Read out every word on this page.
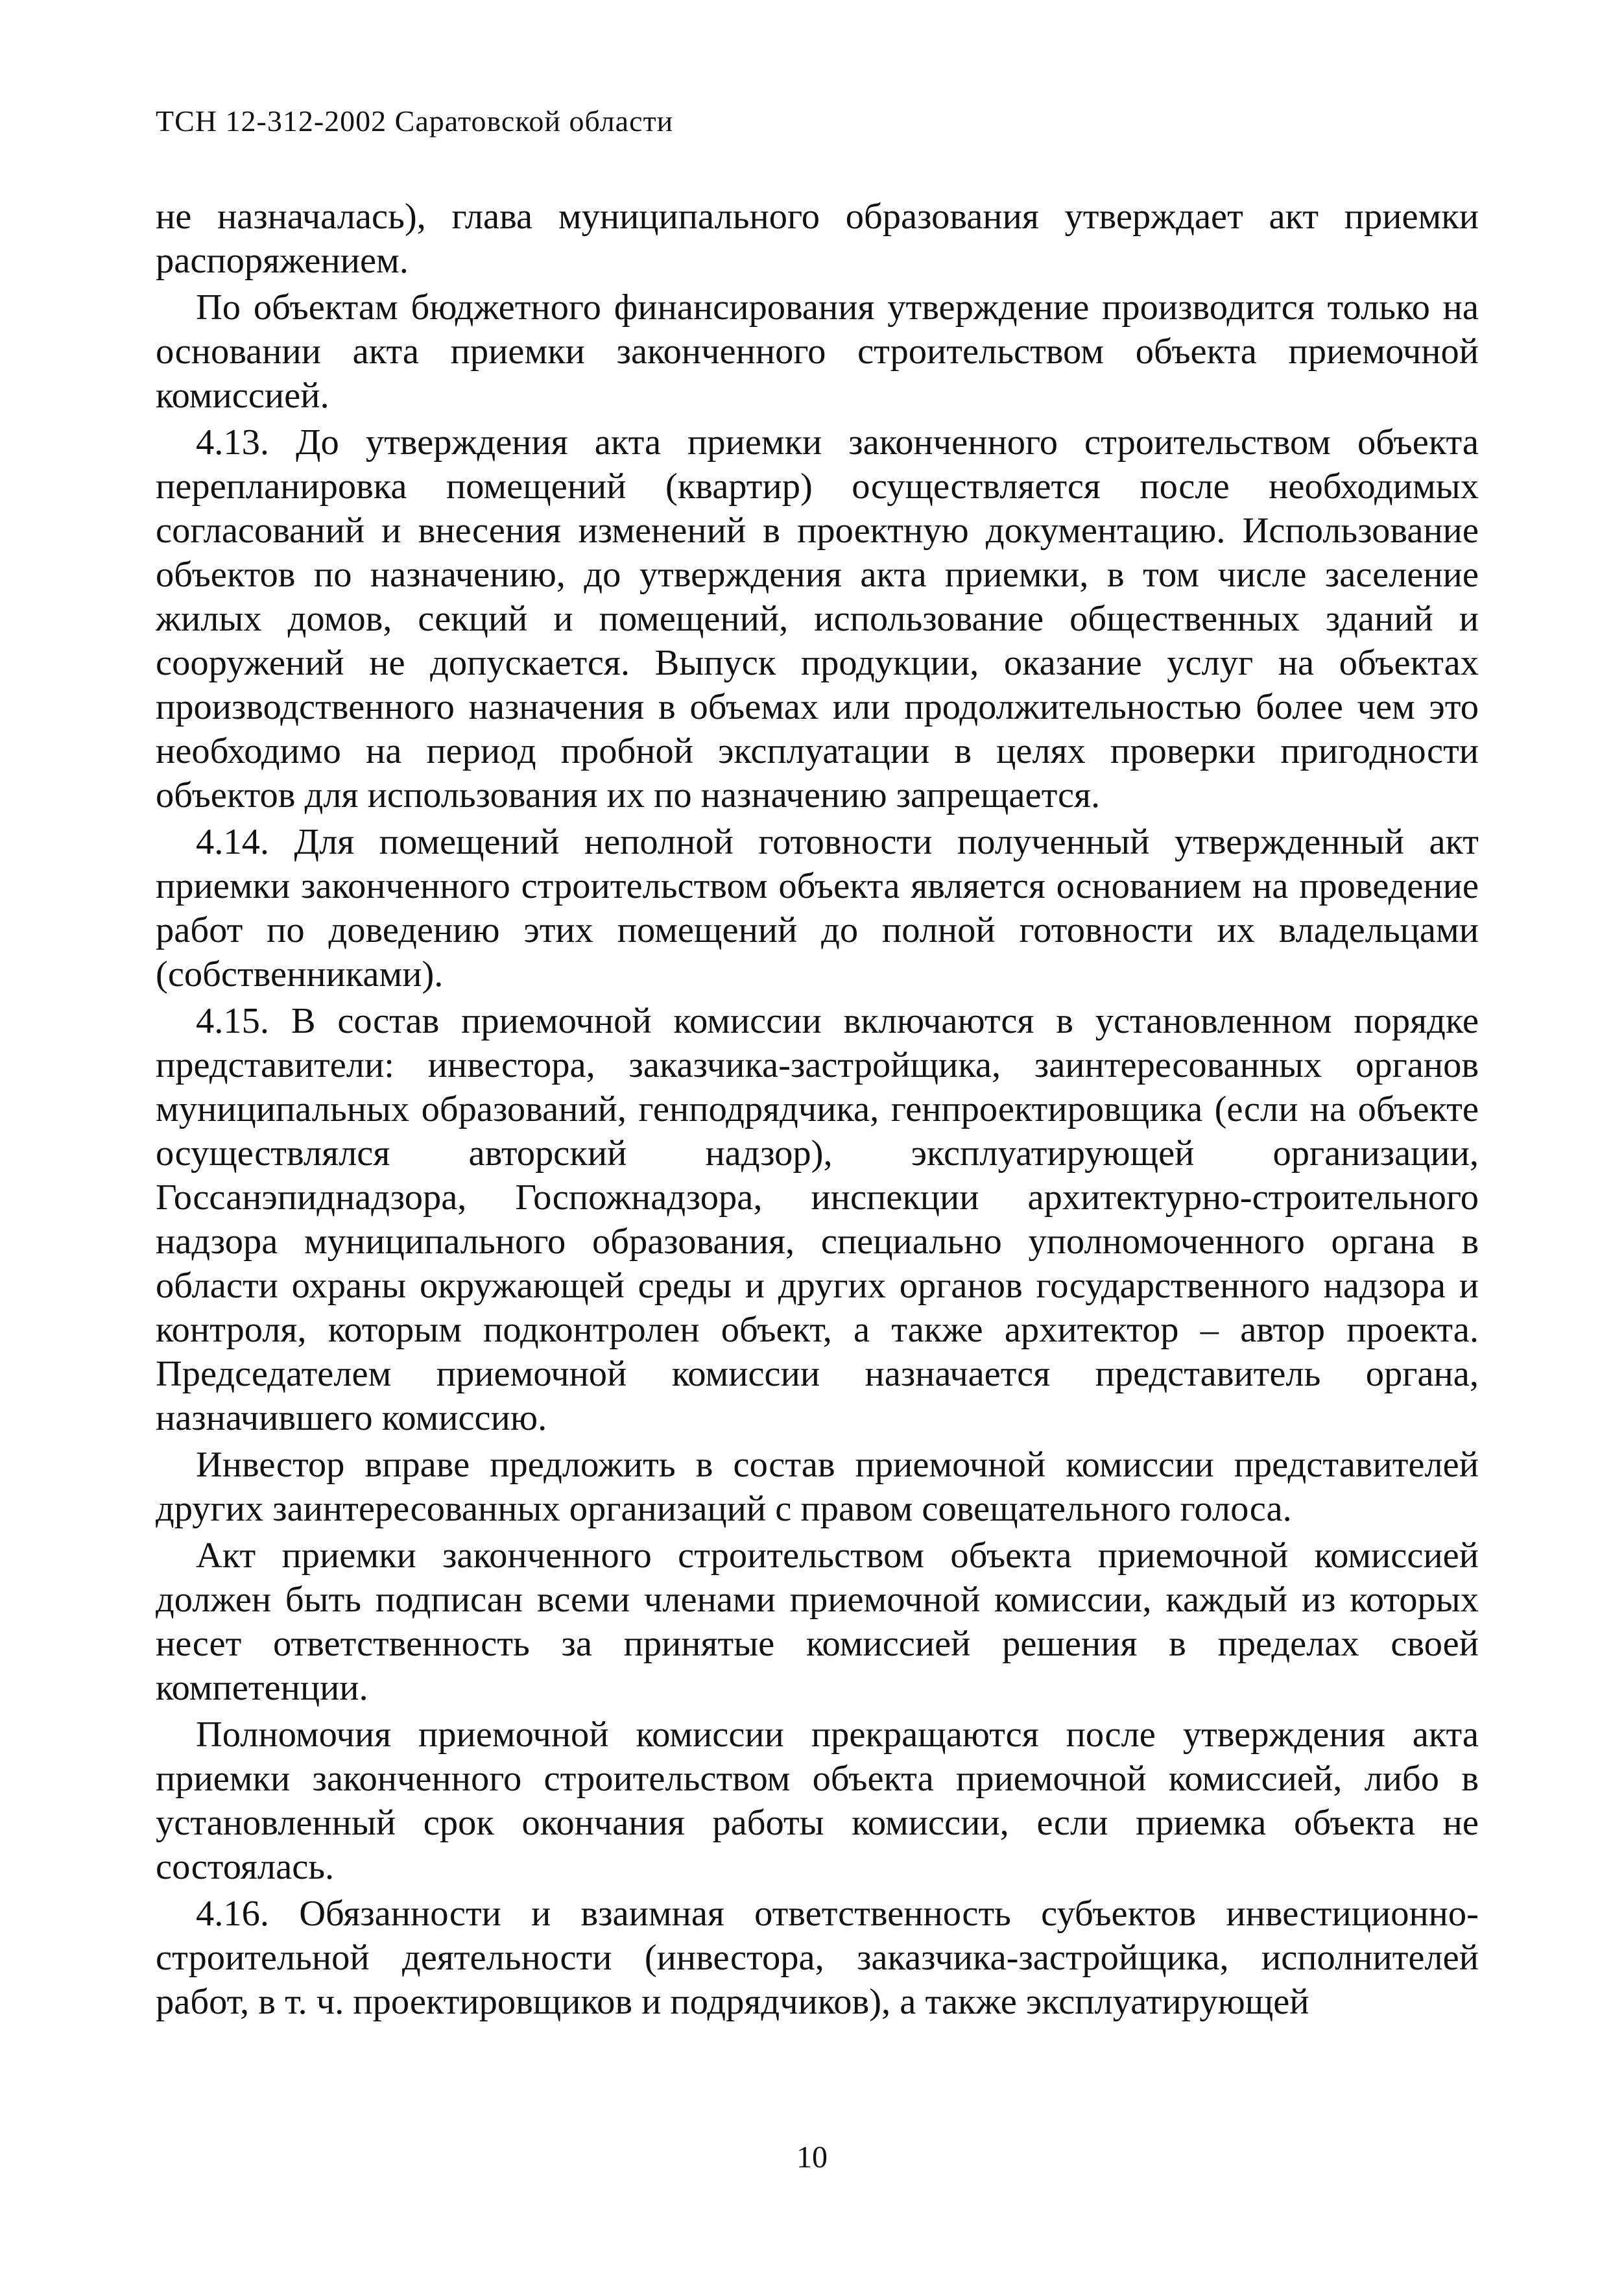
ТСН 12-312-2002 Саратовской области

не назначалась), глава муниципального образования утверждает акт приемки распоряжением.

По объектам бюджетного финансирования утверждение производится только на основании акта приемки законченного строительством объекта приемочной комиссией.

4.13. До утверждения акта приемки законченного строительством объекта перепланировка помещений (квартир) осуществляется после необходимых согласований и внесения изменений в проектную документацию. Использование объектов по назначению, до утверждения акта приемки, в том числе заселение жилых домов, секций и помещений, использование общественных зданий и сооружений не допускается. Выпуск продукции, оказание услуг на объектах производственного назначения в объемах или продолжительностью более чем это необходимо на период пробной эксплуатации в целях проверки пригодности объектов для использования их по назначению запрещается.

4.14. Для помещений неполной готовности полученный утвержденный акт приемки законченного строительством объекта является основанием на проведение работ по доведению этих помещений до полной готовности их владельцами (собственниками).

4.15. В состав приемочной комиссии включаются в установленном порядке представители: инвестора, заказчика-застройщика, заинтересованных органов муниципальных образований, генподрядчика, генпроектировщика (если на объекте осуществлялся авторский надзор), эксплуатирующей организации, Госсанэпиднадзора, Госпожнадзора, инспекции архитектурно-строительного надзора муниципального образования, специально уполномоченного органа в области охраны окружающей среды и других органов государственного надзора и контроля, которым подконтролен объект, а также архитектор – автор проекта. Председателем приемочной комиссии назначается представитель органа, назначившего комиссию.

Инвестор вправе предложить в состав приемочной комиссии представителей других заинтересованных организаций с правом совещательного голоса.

Акт приемки законченного строительством объекта приемочной комиссией должен быть подписан всеми членами приемочной комиссии, каждый из которых несет ответственность за принятые комиссией решения в пределах своей компетенции.

Полномочия приемочной комиссии прекращаются после утверждения акта приемки законченного строительством объекта приемочной комиссией, либо в установленный срок окончания работы комиссии, если приемка объекта не состоялась.

4.16. Обязанности и взаимная ответственность субъектов инвестиционно-строительной деятельности (инвестора, заказчика-застройщика, исполнителей работ, в т. ч. проектировщиков и подрядчиков), а также эксплуатирующей

10
